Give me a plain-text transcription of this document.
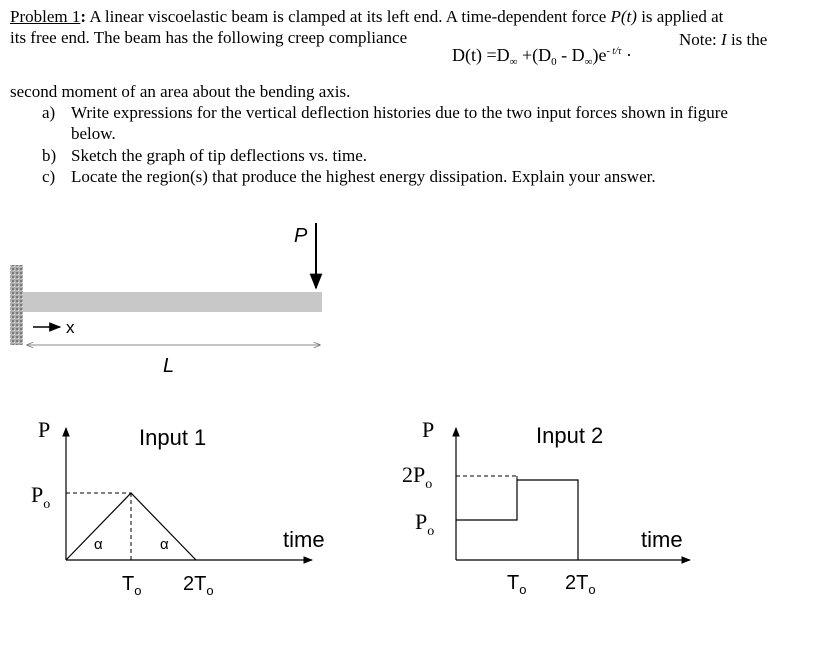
Problem 1: A linear viscoelastic beam is clamped at its left end. A time-dependent force P(t) is applied at
its free end. The beam has the following creep compliance
$D(t) =D_\infty +(D_0 - D_\infty)e^{- t/\tau}$ ·
Note: I is the
second moment of an area about the bending axis.
a) Write expressions for the vertical deflection histories due to the two input forces shown in figure
below.
b) Sketch the graph of tip deflections vs. time.
c) Locate the region(s) that produce the highest energy dissipation. Explain your answer.
P
x
L
P	Input 1
$P_o$
α	α	time
$T_o$ $2T_o$
P	Input 2
$2P_o$
$P_o$	time
$T_o$ $2T_o$
